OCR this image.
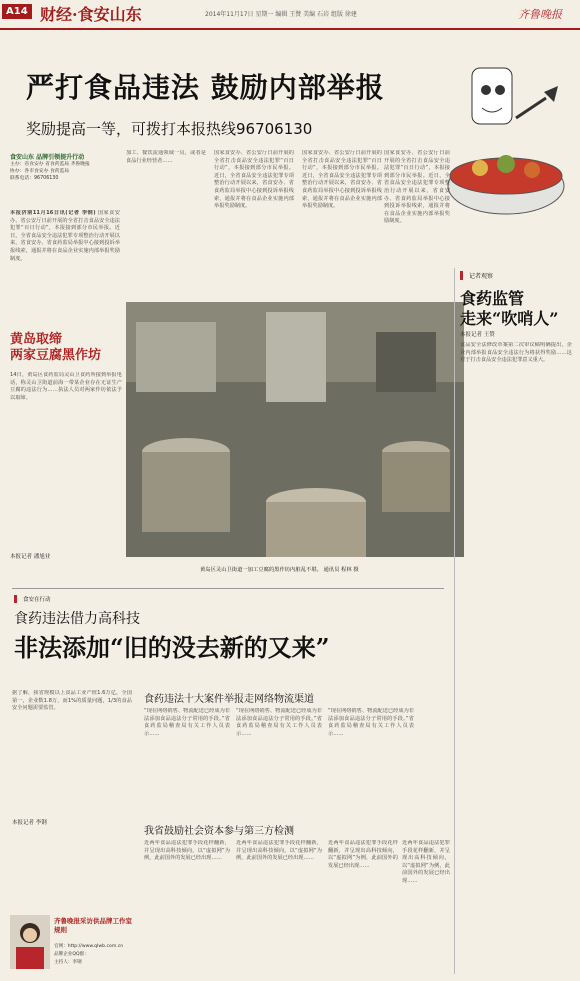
A14 财经·食安山东	2014年11月17日 星期一 编辑 王赞 美编 石岩 组版 徐建	齐鲁晚报
严打食品违法 鼓励内部举报
奖励提高一等，可拨打本报热线96706130
食安山东 品牌引领提升行动
主办：省食安办 省食药监局 齐鲁晚报
协办：各市食安办 食药监局
联系电话：96706130
本报济南11月16日讯(记者 李钢) 国家食安办、省公安厅日前开展的全省打击食品安全违法犯罪“百日行动”，本报接到部分市民举报。近日，全省食品安全违法犯罪专项整治行动开展以来，省食安办、省食药监局举报中心接到投诉举报线索，通报并将在食品企业实施内部举报奖励制度。
加工、餐饮流通领域一员，或者是食品行业经营者……
国家食安办、省公安厅日前开展的全省打击食品安全违法犯罪“百日行动”，本报接到部分市民举报。近日，全省食品安全违法犯罪专项整治行动开展以来，省食安办、省食药监局举报中心接到投诉举报线索，通报并将在食品企业实施内部举报奖励制度。
国家食安办、省公安厅日前开展的全省打击食品安全违法犯罪“百日行动”，本报接到部分市民举报。近日，全省食品安全违法犯罪专项整治行动开展以来，省食安办、省食药监局举报中心接到投诉举报线索，通报并将在食品企业实施内部举报奖励制度。
国家食安办、省公安厅日前开展的全省打击食品安全违法犯罪“百日行动”，本报接到部分市民举报。近日，全省食品安全违法犯罪专项整治行动开展以来，省食安办、省食药监局举报中心接到投诉举报线索，通报并将在食品企业实施内部举报奖励制度。
黄岛取缔
两家豆腐黑作坊
14日，黄岛区食药监局灵山卫食药所接到举报电话，称灵山卫街道前海一带某企业存在无证生产豆腐的违法行为……执法人员对两家作坊依法予以取缔。
本报记者 潘旭业
黄岛区灵山卫街道一加工豆腐的黑作坊内脏乱不堪。 通讯员 程林 摄
记者观察
食药监管
走来“吹哨人”
本报记者 王赞
食品安全法修改草案第二次审议稿明确提出，企业内部举报食品安全违法行为将获得奖励……这对于打击食品安全违法犯罪意义重大。
食安在行动
食药违法借力高科技
非法添加“旧的没去新的又来”
据了解，我省规模以上食品工业产值1.6万亿，全国第一，企业数1.8万，而1%的质量问题，1/3的食品安全问题需要监管。
本报记者 李钢
食药违法十大案件举报走网络物流渠道
“现在网络销售、物流配送已经成为非法添加食品违法分子常用的手段。”省食药监局稽查局有关工作人员表示……
“现在网络销售、物流配送已经成为非法添加食品违法分子常用的手段。”省食药监局稽查局有关工作人员表示……
“现在网络销售、物流配送已经成为非法添加食品违法分子常用的手段。”省食药监局稽查局有关工作人员表示……
我省鼓励社会资本参与第三方检测
近两年食品违法犯罪手段花样翻新，并呈现出高科技倾向，以“虚拟网”为例，此前国外的发展已经出现……
近两年食品违法犯罪手段花样翻新，并呈现出高科技倾向，以“虚拟网”为例，此前国外的发展已经出现……
近两年食品违法犯罪手段花样翻新，并呈现出高科技倾向，以“虚拟网”为例，此前国外的发展已经出现……
近两年食品违法犯罪手段花样翻新，并呈现出高科技倾向，以“虚拟网”为例，此前国外的发展已经出现……
齐鲁晚报采访供品牌工作室规则
官网：http://www.qlwb.com.cn
品牌企业QQ群：
主持人：李钢
